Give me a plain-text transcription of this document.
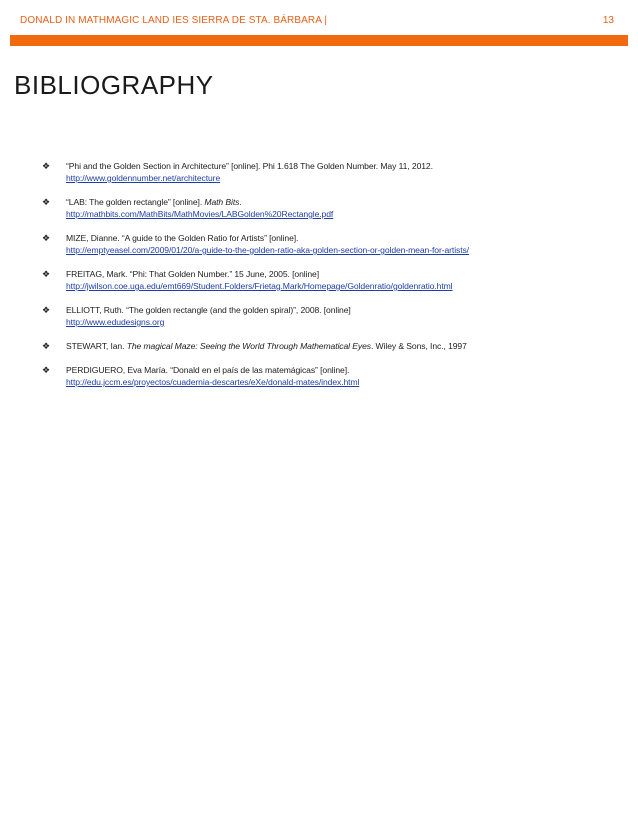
DONALD IN MATHMAGIC LAND IES SIERRA DE STA. BÁRBARA |	13
BIBLIOGRAPHY
❖ “Phi and the Golden Section in Architecture” [online]. Phi 1.618 The Golden Number. May 11, 2012.
http://www.goldennumber.net/architecture
❖ “LAB: The golden rectangle” [online]. Math Bits.
http://mathbits.com/MathBits/MathMovies/LABGolden%20Rectangle.pdf
❖ MIZE, Dianne. “A guide to the Golden Ratio for Artists” [online].
http://emptyeasel.com/2009/01/20/a-guide-to-the-golden-ratio-aka-golden-section-or-golden-mean-for-artists/
❖ FREITAG, Mark. “Phi: That Golden Number.” 15 June, 2005. [online]
http://jwilson.coe.uga.edu/emt669/Student.Folders/Frietag.Mark/Homepage/Goldenratio/goldenratio.html
❖ ELLIOTT, Ruth. “The golden rectangle (and the golden spiral)”, 2008. [online]
http://www.edudesigns.org
❖ STEWART, Ian. The magical Maze: Seeing the World Through Mathematical Eyes. Wiley & Sons, Inc., 1997
❖ PERDIGUERO, Eva María. “Donald en el país de las matemágicas” [online].
http://edu.jccm.es/proyectos/cuadernia-descartes/eXe/donald-mates/index.html
